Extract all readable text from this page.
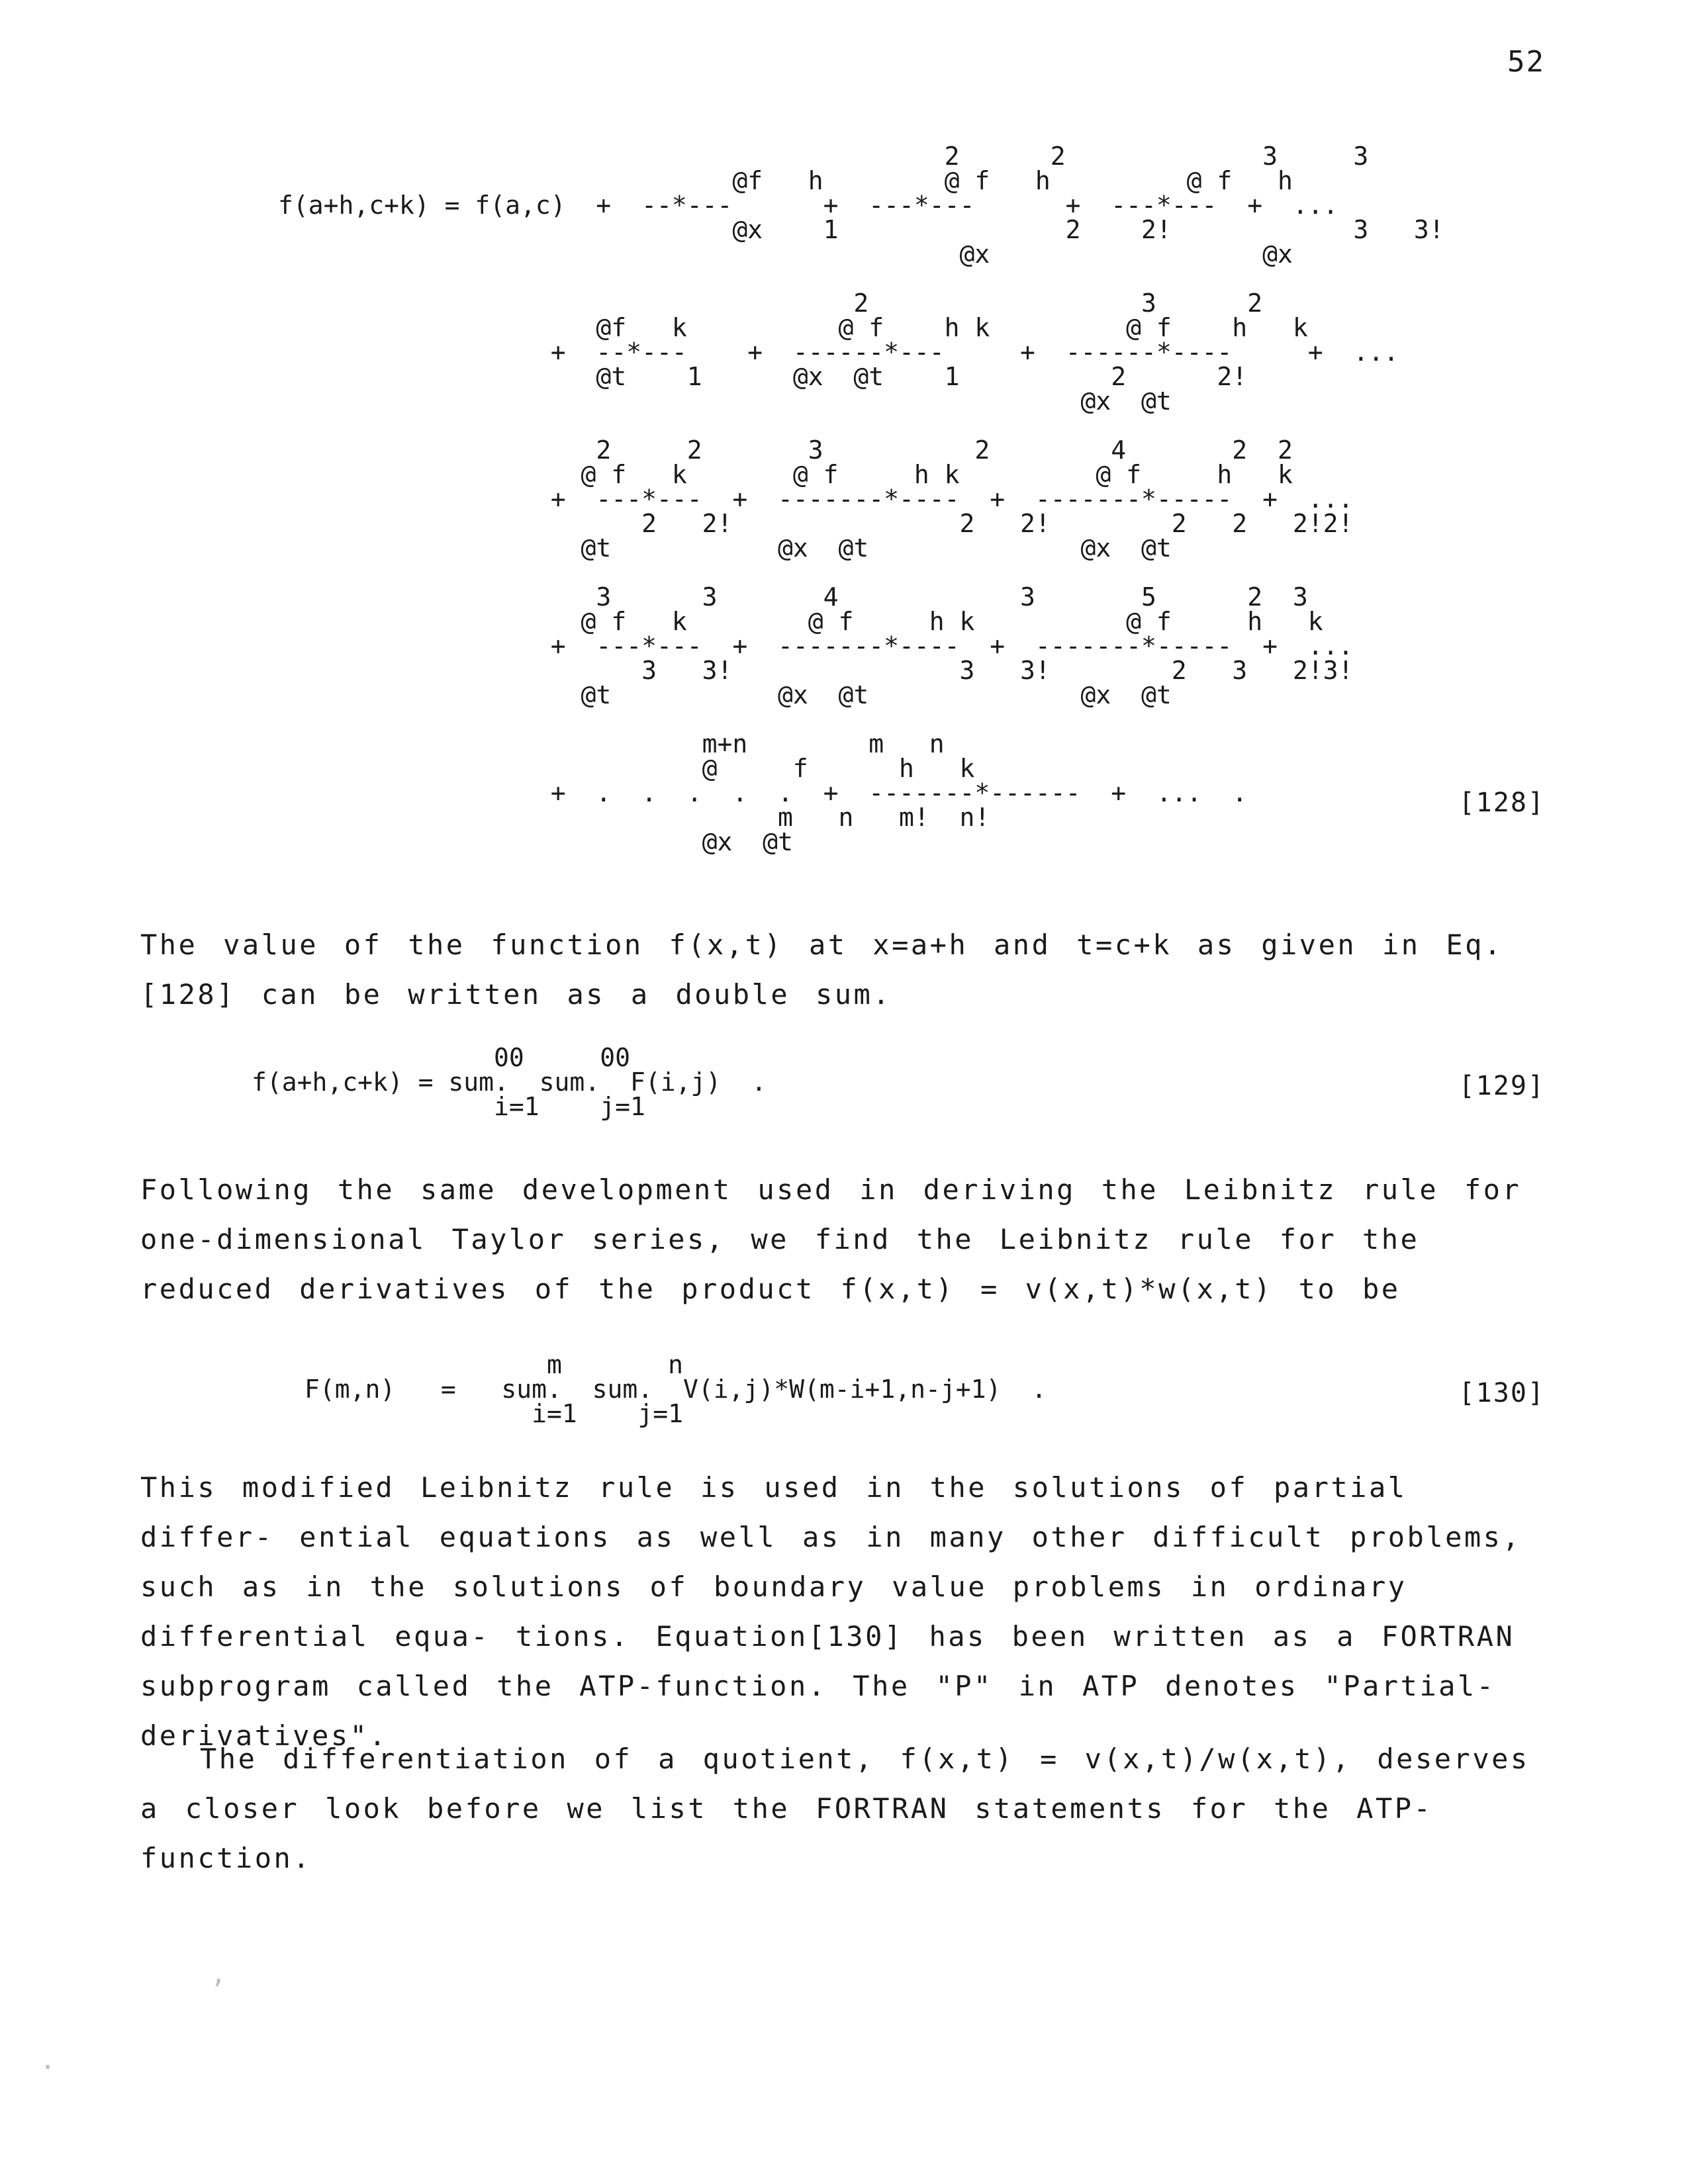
52
2      2             3     3
@f   h        @ f   h         @ f   h
f(a+h,c+k) = f(a,c)  +  --*---      +  ---*---      +  ---*---  +  ...
@x    1               2    2!            3   3!
@x                  @x

2                  3      2
@f   k          @ f    h k         @ f    h   k
+  --*---    +  ------*---     +  ------*----     +  ...
@t    1      @x  @t    1          2      2!
@x  @t

2     2       3          2        4       2  2
@ f   k       @ f     h k         @ f     h   k
+  ---*---  +  -------*----  +  -------*-----  +  ...
2   2!               2   2!        2   2   2!2!
@t           @x  @t              @x  @t

3      3       4            3       5      2  3
@ f   k        @ f     h k          @ f     h   k
+  ---*---  +  -------*----  +  -------*-----  +  ...
3   3!               3   3!        2   3   2!3!
@t           @x  @t              @x  @t

m+n        m   n
@     f      h   k
+  .  .  .  .  .  +  -------*------  +  ...  .
m   n   m!  n!
@x  @t
[128]

The value of the function f(x,t) at x=a+h and t=c+k as given in Eq.[128] can be written as a double sum.

00     00
f(a+h,c+k) = sum.  sum.  F(i,j)  .
i=1    j=1
[129]

Following the same development used in deriving the Leibnitz rule for one-dimensional Taylor series, we find the Leibnitz rule for the reduced derivatives of the product f(x,t) = v(x,t)*w(x,t) to be

m       n
F(m,n)   =   sum.  sum.  V(i,j)*W(m-i+1,n-j+1)  .
i=1    j=1
[130]

This modified Leibnitz rule is used in the solutions of partial differ- ential equations as well as in many other difficult problems, such as in the solutions of boundary value problems in ordinary differential equa- tions. Equation[130] has been written as a FORTRAN subprogram called the ATP-function. The "P" in ATP denotes "Partial-derivatives".

The differentiation of a quotient, f(x,t) = v(x,t)/w(x,t), deserves a closer look before we list the FORTRAN statements for the ATP-function.

,
.
